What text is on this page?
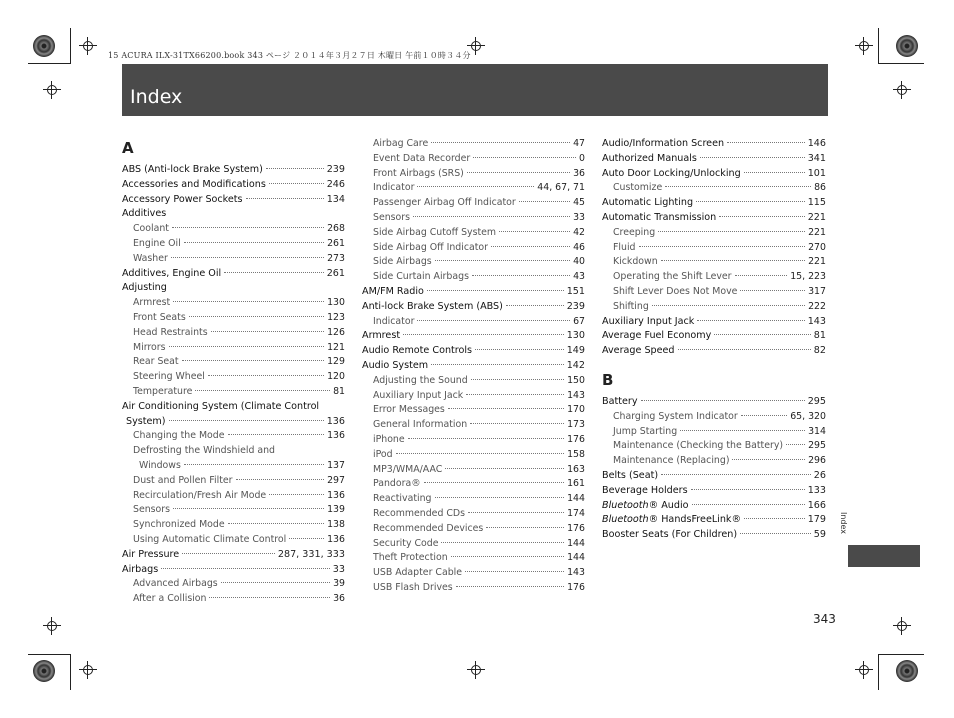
15 ACURA ILX-31TX66200.book 343 ページ ２０１４年３月２７日 木曜日 午前１０時３４分
Index
A
ABS (Anti-lock Brake System)	239
Accessories and Modifications	246
Accessory Power Sockets	134
Additives
Coolant	268
Engine Oil	261
Washer	273
Additives, Engine Oil	261
Adjusting
Armrest	130
Front Seats	123
Head Restraints	126
Mirrors	121
Rear Seat	129
Steering Wheel	120
Temperature	81
Air Conditioning System (Climate Control
System)	136
Changing the Mode	136
Defrosting the Windshield and
Windows	137
Dust and Pollen Filter	297
Recirculation/Fresh Air Mode	136
Sensors	139
Synchronized Mode	138
Using Automatic Climate Control	136
Air Pressure	287, 331, 333
Airbags	33
Advanced Airbags	39
After a Collision	36
Airbag Care	47
Event Data Recorder	0
Front Airbags (SRS)	36
Indicator	44, 67, 71
Passenger Airbag Off Indicator	45
Sensors	33
Side Airbag Cutoff System	42
Side Airbag Off Indicator	46
Side Airbags	40
Side Curtain Airbags	43
AM/FM Radio	151
Anti-lock Brake System (ABS)	239
Indicator	67
Armrest	130
Audio Remote Controls	149
Audio System	142
Adjusting the Sound	150
Auxiliary Input Jack	143
Error Messages	170
General Information	173
iPhone	176
iPod	158
MP3/WMA/AAC	163
Pandora®	161
Reactivating	144
Recommended CDs	174
Recommended Devices	176
Security Code	144
Theft Protection	144
USB Adapter Cable	143
USB Flash Drives	176
Audio/Information Screen	146
Authorized Manuals	341
Auto Door Locking/Unlocking	101
Customize	86
Automatic Lighting	115
Automatic Transmission	221
Creeping	221
Fluid	270
Kickdown	221
Operating the Shift Lever	15, 223
Shift Lever Does Not Move	317
Shifting	222
Auxiliary Input Jack	143
Average Fuel Economy	81
Average Speed	82
B
Battery	295
Charging System Indicator	65, 320
Jump Starting	314
Maintenance (Checking the Battery)	295
Maintenance (Replacing)	296
Belts (Seat)	26
Beverage Holders	133
Bluetooth® Audio	166
Bluetooth® HandsFreeLink®	179
Booster Seats (For Children)	59
Index
343
